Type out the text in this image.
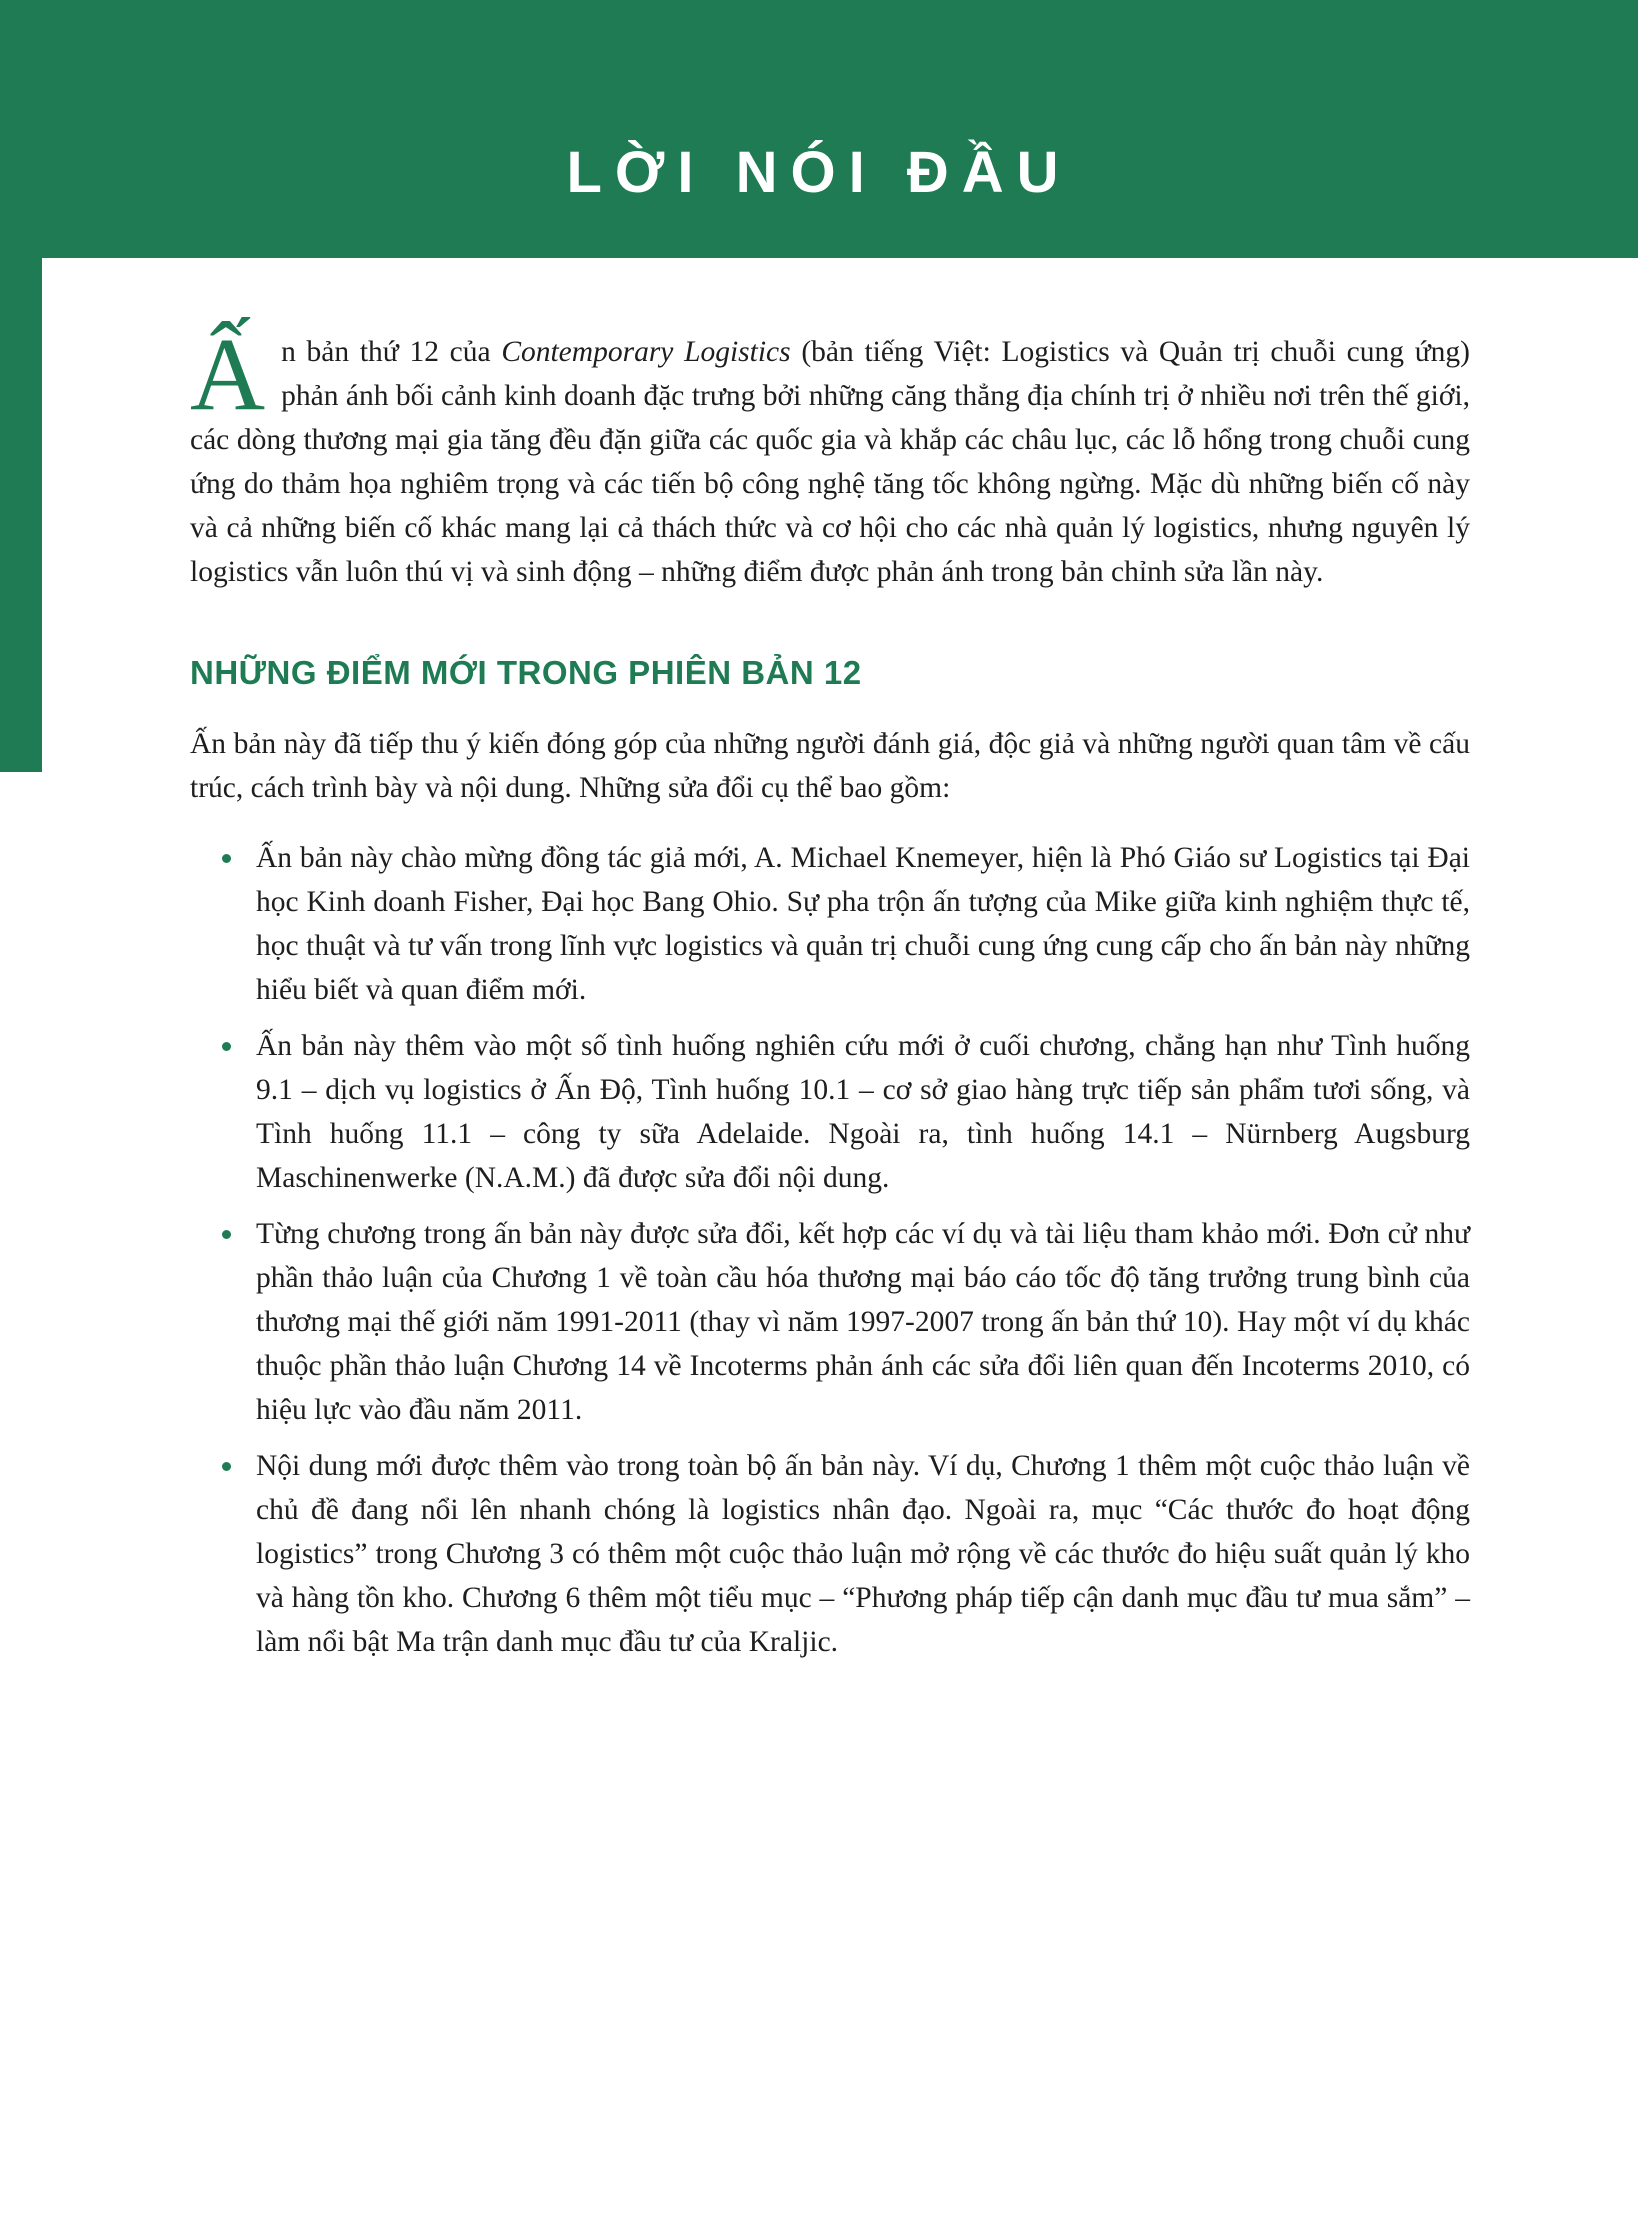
LỜI NÓI ĐẦU

Ấn bản thứ 12 của Contemporary Logistics (bản tiếng Việt: Logistics và Quản trị chuỗi cung ứng) phản ánh bối cảnh kinh doanh đặc trưng bởi những căng thẳng địa chính trị ở nhiều nơi trên thế giới, các dòng thương mại gia tăng đều đặn giữa các quốc gia và khắp các châu lục, các lỗ hổng trong chuỗi cung ứng do thảm họa nghiêm trọng và các tiến bộ công nghệ tăng tốc không ngừng. Mặc dù những biến cố này và cả những biến cố khác mang lại cả thách thức và cơ hội cho các nhà quản lý logistics, nhưng nguyên lý logistics vẫn luôn thú vị và sinh động – những điểm được phản ánh trong bản chỉnh sửa lần này.

NHỮNG ĐIỂM MỚI TRONG PHIÊN BẢN 12

Ấn bản này đã tiếp thu ý kiến đóng góp của những người đánh giá, độc giả và những người quan tâm về cấu trúc, cách trình bày và nội dung. Những sửa đổi cụ thể bao gồm:

Ấn bản này chào mừng đồng tác giả mới, A. Michael Knemeyer, hiện là Phó Giáo sư Logistics tại Đại học Kinh doanh Fisher, Đại học Bang Ohio. Sự pha trộn ấn tượng của Mike giữa kinh nghiệm thực tế, học thuật và tư vấn trong lĩnh vực logistics và quản trị chuỗi cung ứng cung cấp cho ấn bản này những hiểu biết và quan điểm mới.
Ấn bản này thêm vào một số tình huống nghiên cứu mới ở cuối chương, chẳng hạn như Tình huống 9.1 – dịch vụ logistics ở Ấn Độ, Tình huống 10.1 – cơ sở giao hàng trực tiếp sản phẩm tươi sống, và Tình huống 11.1 – công ty sữa Adelaide. Ngoài ra, tình huống 14.1 – Nürnberg Augsburg Maschinenwerke (N.A.M.) đã được sửa đổi nội dung.
Từng chương trong ấn bản này được sửa đổi, kết hợp các ví dụ và tài liệu tham khảo mới. Đơn cử như phần thảo luận của Chương 1 về toàn cầu hóa thương mại báo cáo tốc độ tăng trưởng trung bình của thương mại thế giới năm 1991-2011 (thay vì năm 1997-2007 trong ấn bản thứ 10). Hay một ví dụ khác thuộc phần thảo luận Chương 14 về Incoterms phản ánh các sửa đổi liên quan đến Incoterms 2010, có hiệu lực vào đầu năm 2011.
Nội dung mới được thêm vào trong toàn bộ ấn bản này. Ví dụ, Chương 1 thêm một cuộc thảo luận về chủ đề đang nổi lên nhanh chóng là logistics nhân đạo. Ngoài ra, mục “Các thước đo hoạt động logistics” trong Chương 3 có thêm một cuộc thảo luận mở rộng về các thước đo hiệu suất quản lý kho và hàng tồn kho. Chương 6 thêm một tiểu mục – “Phương pháp tiếp cận danh mục đầu tư mua sắm” – làm nổi bật Ma trận danh mục đầu tư của Kraljic.
